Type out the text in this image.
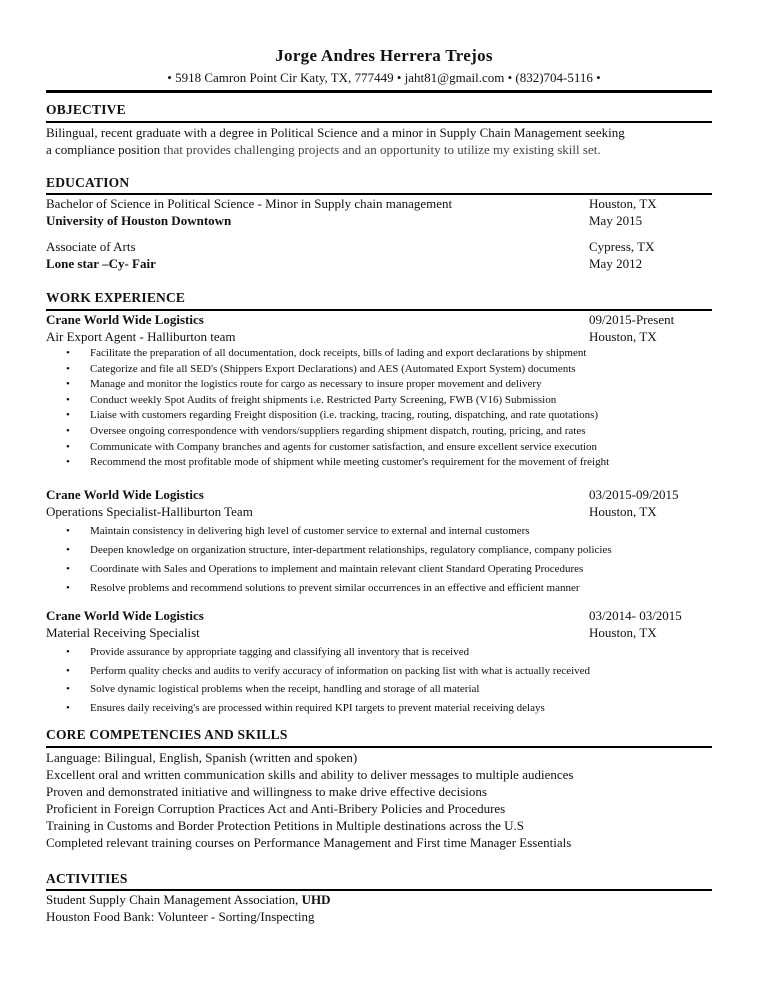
Jorge Andres Herrera Trejos
• 5918 Camron Point Cir Katy, TX, 777449 • jaht81@gmail.com • (832)704-5116 •
OBJECTIVE
Bilingual, recent graduate with a degree in Political Science and a minor in Supply Chain Management seeking
a compliance position that provides challenging projects and an opportunity to utilize my existing skill set.
EDUCATION
Bachelor of Science in Political Science - Minor in Supply chain management	Houston, TX
University of Houston Downtown	May 2015
Associate of Arts	Cypress, TX
Lone star –Cy- Fair	May 2012
WORK EXPERIENCE
Crane World Wide Logistics	09/2015-Present
Air Export Agent - Halliburton team	Houston, TX
• Facilitate the preparation of all documentation, dock receipts, bills of lading and export declarations by shipment
• Categorize and file all SED's (Shippers Export Declarations) and AES (Automated Export System) documents
• Manage and monitor the logistics route for cargo as necessary to insure proper movement and delivery
• Conduct weekly Spot Audits of freight shipments i.e. Restricted Party Screening, FWB (V16) Submission
• Liaise with customers regarding Freight disposition (i.e. tracking, tracing, routing, dispatching, and rate quotations)
• Oversee ongoing correspondence with vendors/suppliers regarding shipment dispatch, routing, pricing, and rates
• Communicate with Company branches and agents for customer satisfaction, and ensure excellent service execution
• Recommend the most profitable mode of shipment while meeting customer's requirement for the movement of freight
Crane World Wide Logistics	03/2015-09/2015
Operations Specialist-Halliburton Team	Houston, TX
• Maintain consistency in delivering high level of customer service to external and internal customers
• Deepen knowledge on organization structure, inter-department relationships, regulatory compliance, company policies
• Coordinate with Sales and Operations to implement and maintain relevant client Standard Operating Procedures
• Resolve problems and recommend solutions to prevent similar occurrences in an effective and efficient manner
Crane World Wide Logistics	03/2014- 03/2015
Material Receiving Specialist	Houston, TX
• Provide assurance by appropriate tagging and classifying all inventory that is received
• Perform quality checks and audits to verify accuracy of information on packing list with what is actually received
• Solve dynamic logistical problems when the receipt, handling and storage of all material
• Ensures daily receiving's are processed within required KPI targets to prevent material receiving delays
CORE COMPETENCIES AND SKILLS
Language: Bilingual, English, Spanish (written and spoken)
Excellent oral and written communication skills and ability to deliver messages to multiple audiences
Proven and demonstrated initiative and willingness to make drive effective decisions
Proficient in Foreign Corruption Practices Act and Anti-Bribery Policies and Procedures
Training in Customs and Border Protection Petitions in Multiple destinations across the U.S
Completed relevant training courses on Performance Management and First time Manager Essentials
ACTIVITIES
Student Supply Chain Management Association, UHD
Houston Food Bank: Volunteer - Sorting/Inspecting
